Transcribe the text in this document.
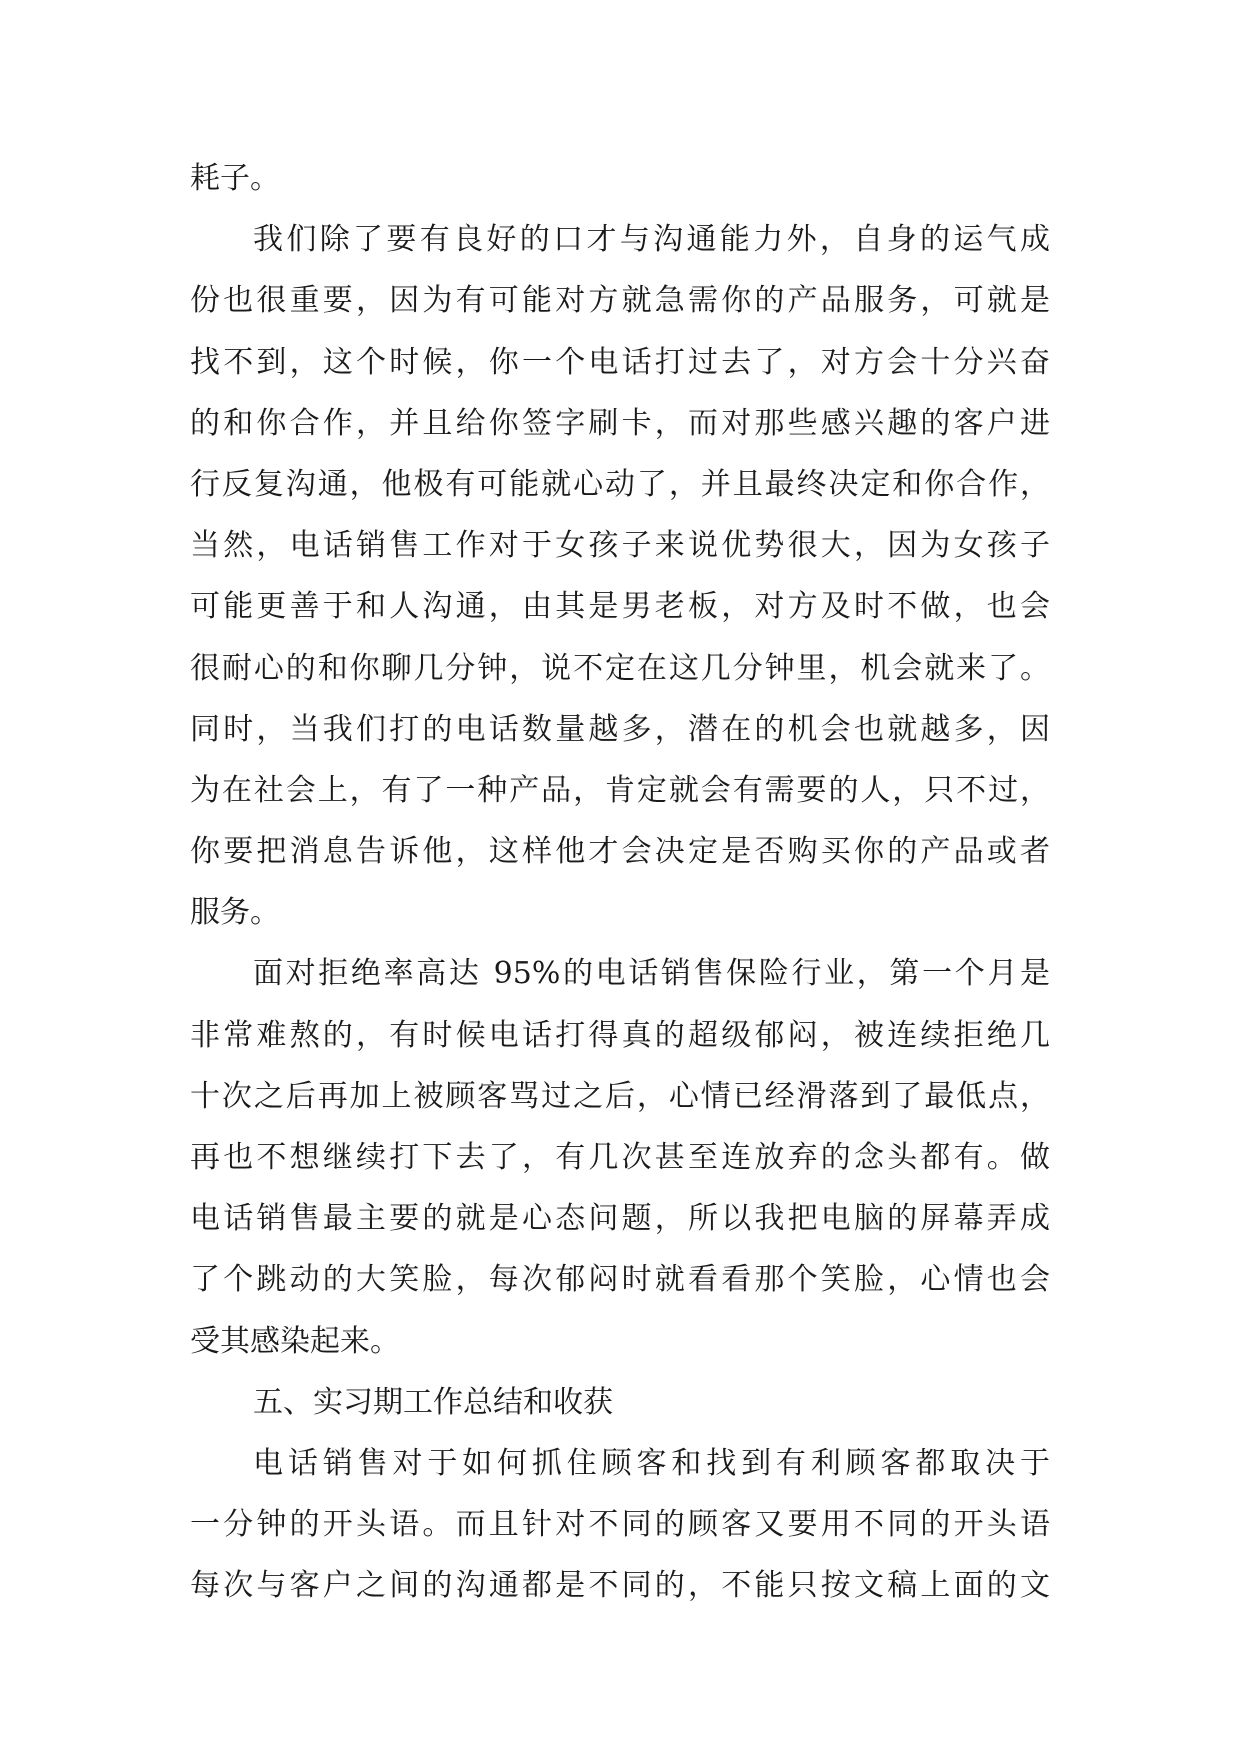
耗子。
我们除了要有良好的口才与沟通能力外，自身的运气成
份也很重要，因为有可能对方就急需你的产品服务，可就是
找不到，这个时候，你一个电话打过去了，对方会十分兴奋
的和你合作，并且给你签字刷卡，而对那些感兴趣的客户进
行反复沟通，他极有可能就心动了，并且最终决定和你合作，
当然，电话销售工作对于女孩子来说优势很大，因为女孩子
可能更善于和人沟通，由其是男老板，对方及时不做，也会
很耐心的和你聊几分钟，说不定在这几分钟里，机会就来了。
同时，当我们打的电话数量越多，潜在的机会也就越多，因
为在社会上，有了一种产品，肯定就会有需要的人，只不过，
你要把消息告诉他，这样他才会决定是否购买你的产品或者
服务。
面对拒绝率高达 95%的电话销售保险行业，第一个月是
非常难熬的，有时候电话打得真的超级郁闷，被连续拒绝几
十次之后再加上被顾客骂过之后，心情已经滑落到了最低点，
再也不想继续打下去了，有几次甚至连放弃的念头都有。做
电话销售最主要的就是心态问题，所以我把电脑的屏幕弄成
了个跳动的大笑脸，每次郁闷时就看看那个笑脸，心情也会
受其感染起来。
五、实习期工作总结和收获
电话销售对于如何抓住顾客和找到有利顾客都取决于
一分钟的开头语。而且针对不同的顾客又要用不同的开头语
每次与客户之间的沟通都是不同的，不能只按文稿上面的文
